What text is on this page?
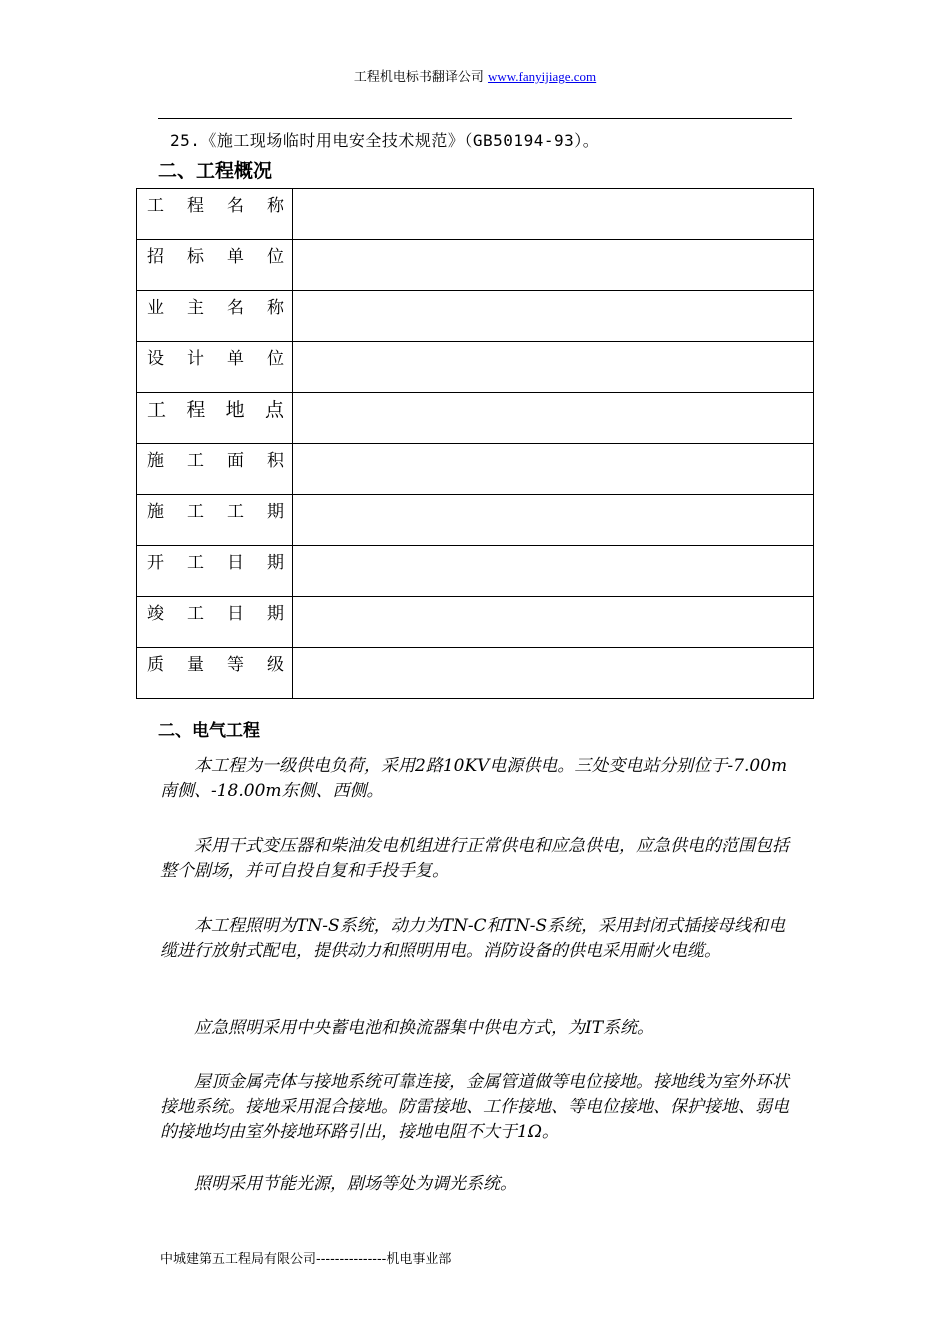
工程机电标书翻译公司 www.fanyijiage.com
25.《施工现场临时用电安全技术规范》（GB50194-93）。
二、工程概况
工程名称	
招标单位	
业主名称	
设计单位	
工程地点	
施工面积	
施工工期	
开工日期	
竣工日期	
质量等级	
二、电气工程

本工程为一级供电负荷，采用2路10KV电源供电。三处变电站分别位于-7.00m 南侧、-18.00m东侧、西侧。

采用干式变压器和柴油发电机组进行正常供电和应急供电，应急供电的范围包括整个剧场，并可自投自复和手投手复。

本工程照明为TN-S系统，动力为TN-C和TN-S系统，采用封闭式插接母线和电缆进行放射式配电，提供动力和照明用电。消防设备的供电采用耐火电缆。

应急照明采用中央蓄电池和换流器集中供电方式，为IT系统。

屋顶金属壳体与接地系统可靠连接，金属管道做等电位接地。接地线为室外环状接地系统。接地采用混合接地。防雷接地、工作接地、等电位接地、保护接地、弱电的接地均由室外接地环路引出，接地电阻不大于1Ω。

照明采用节能光源，剧场等处为调光系统。

中城建第五工程局有限公司---------------机电事业部
